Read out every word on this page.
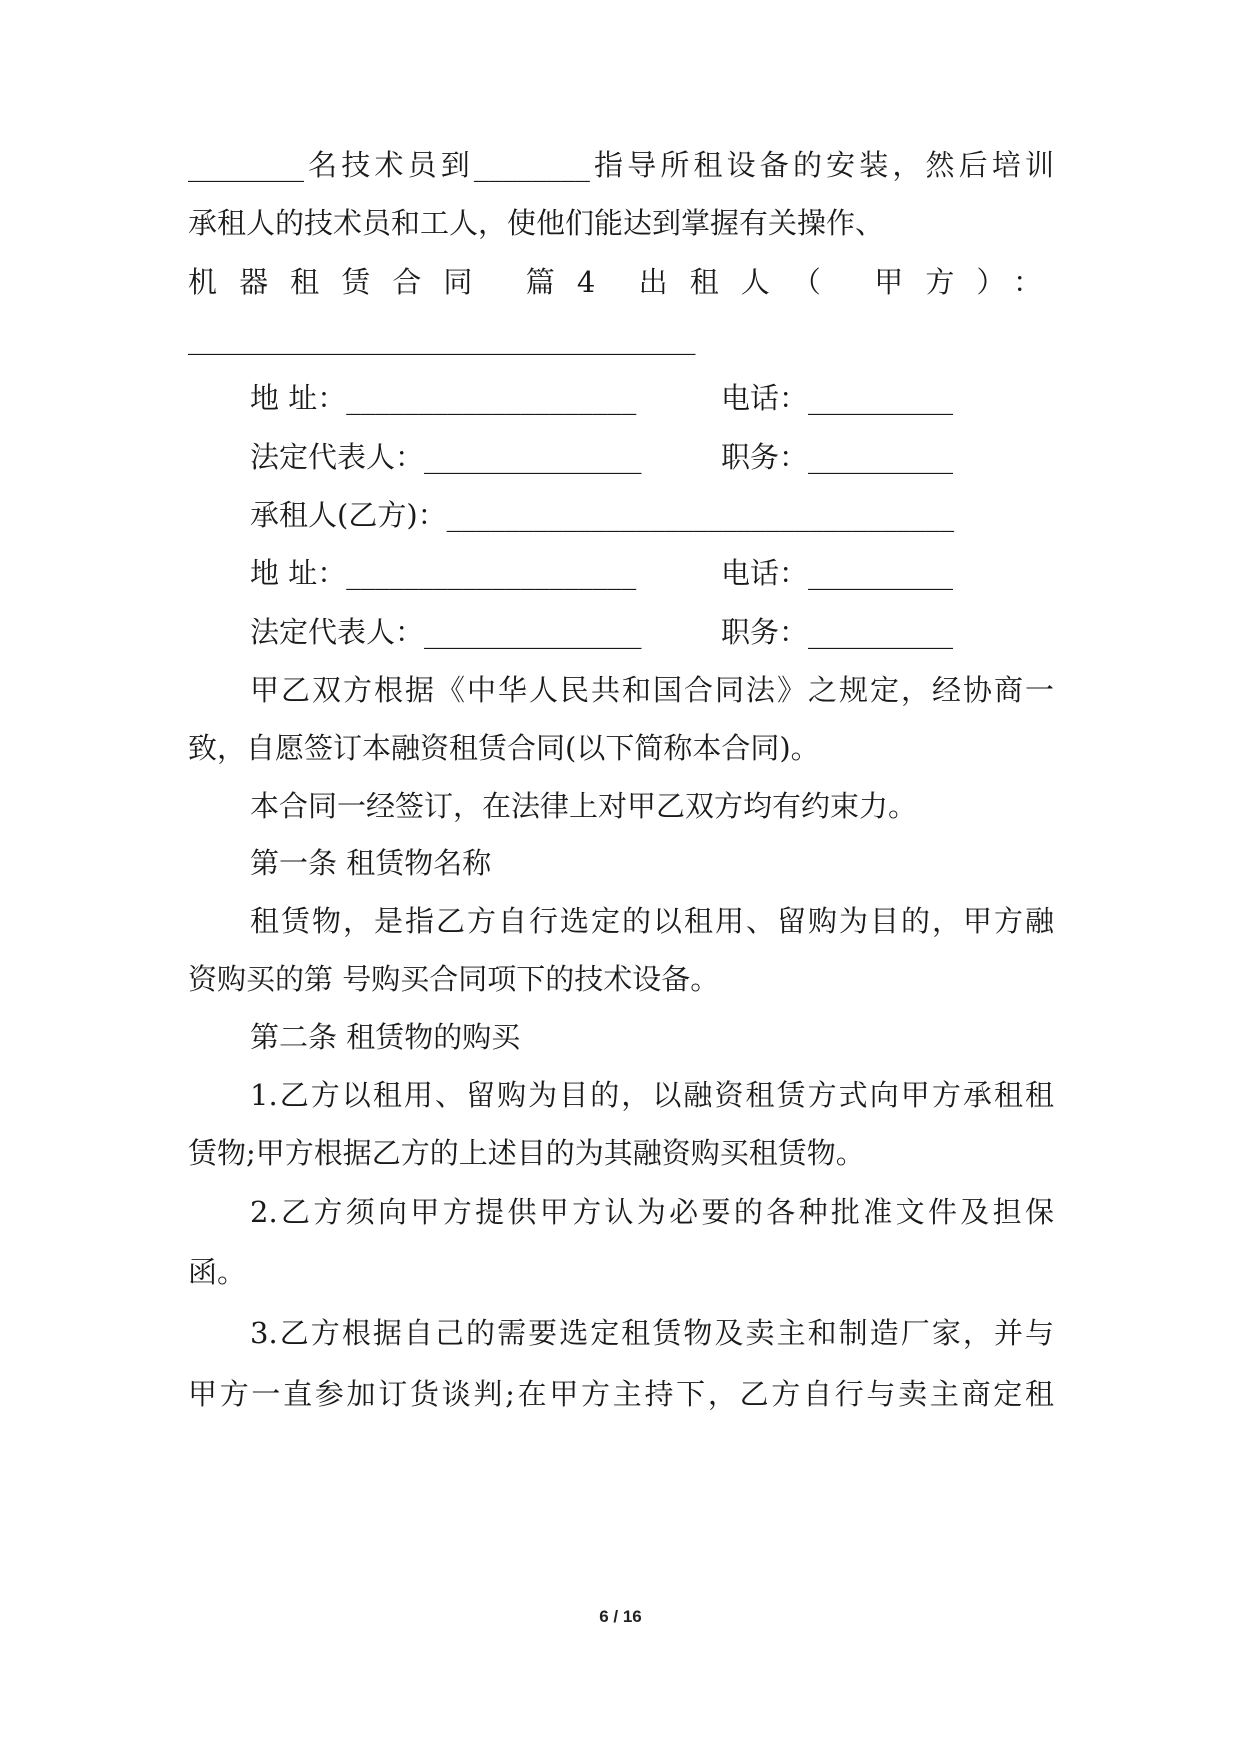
________名技术员到________指导所租设备的安装，然后培训
承租人的技术员和工人，使他们能达到掌握有关操作、
机器租赁合同 篇4 出租人（ 甲方）：
___________________________________
地 址：____________________	电话：__________
法定代表人：_______________	职务：__________
承租人(乙方)：___________________________________
地 址：____________________	电话：__________
法定代表人：_______________	职务：__________
甲乙双方根据《中华人民共和国合同法》之规定，经协商一
致，自愿签订本融资租赁合同(以下简称本合同)。
本合同一经签订，在法律上对甲乙双方均有约束力。
第一条 租赁物名称
租赁物，是指乙方自行选定的以租用、留购为目的，甲方融
资购买的第 号购买合同项下的技术设备。
第二条 租赁物的购买
1.乙方以租用、留购为目的，以融资租赁方式向甲方承租租
赁物;甲方根据乙方的上述目的为其融资购买租赁物。
2.乙方须向甲方提供甲方认为必要的各种批准文件及担保
函。
3.乙方根据自己的需要选定租赁物及卖主和制造厂家，并与
甲方一直参加订货谈判;在甲方主持下，乙方自行与卖主商定租
6 / 16
